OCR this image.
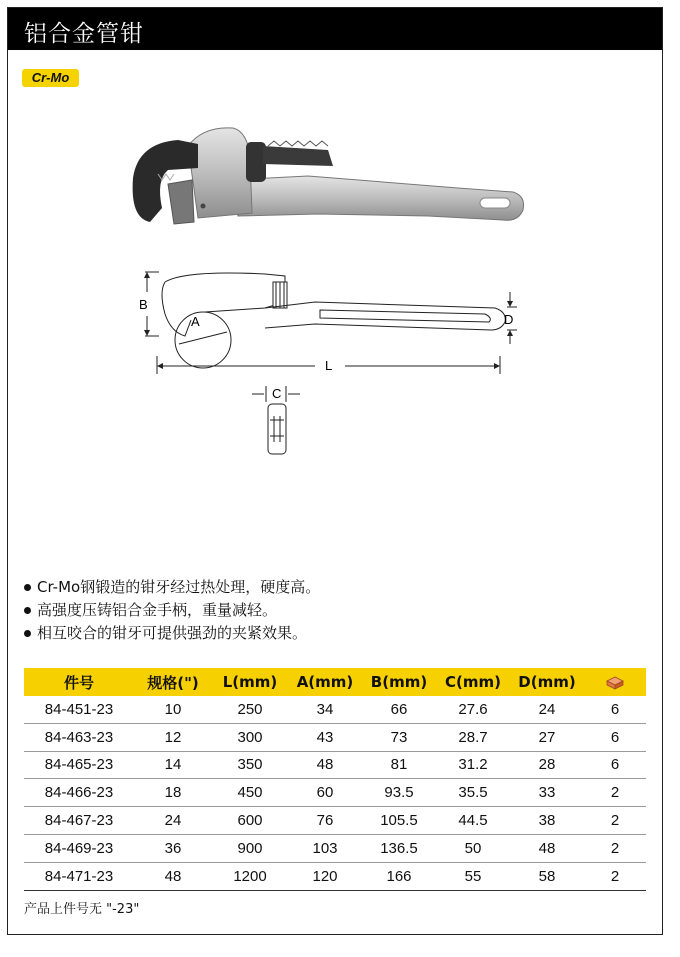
铝合金管钳
Cr-Mo
B
A	D
L
C
Cr-Mo钢锻造的钳牙经过热处理，硬度高。
高强度压铸铝合金手柄，重量减轻。
相互咬合的钳牙可提供强劲的夹紧效果。
件号	规格(")	L(mm)	A(mm)	B(mm)	C(mm)	D(mm)	
84-451-23	10	250	34	66	27.6	24	6
84-463-23	12	300	43	73	28.7	27	6
84-465-23	14	350	48	81	31.2	28	6
84-466-23	18	450	60	93.5	35.5	33	2
84-467-23	24	600	76	105.5	44.5	38	2
84-469-23	36	900	103	136.5	50	48	2
84-471-23	48	1200	120	166	55	58	2
产品上件号无 "-23"
